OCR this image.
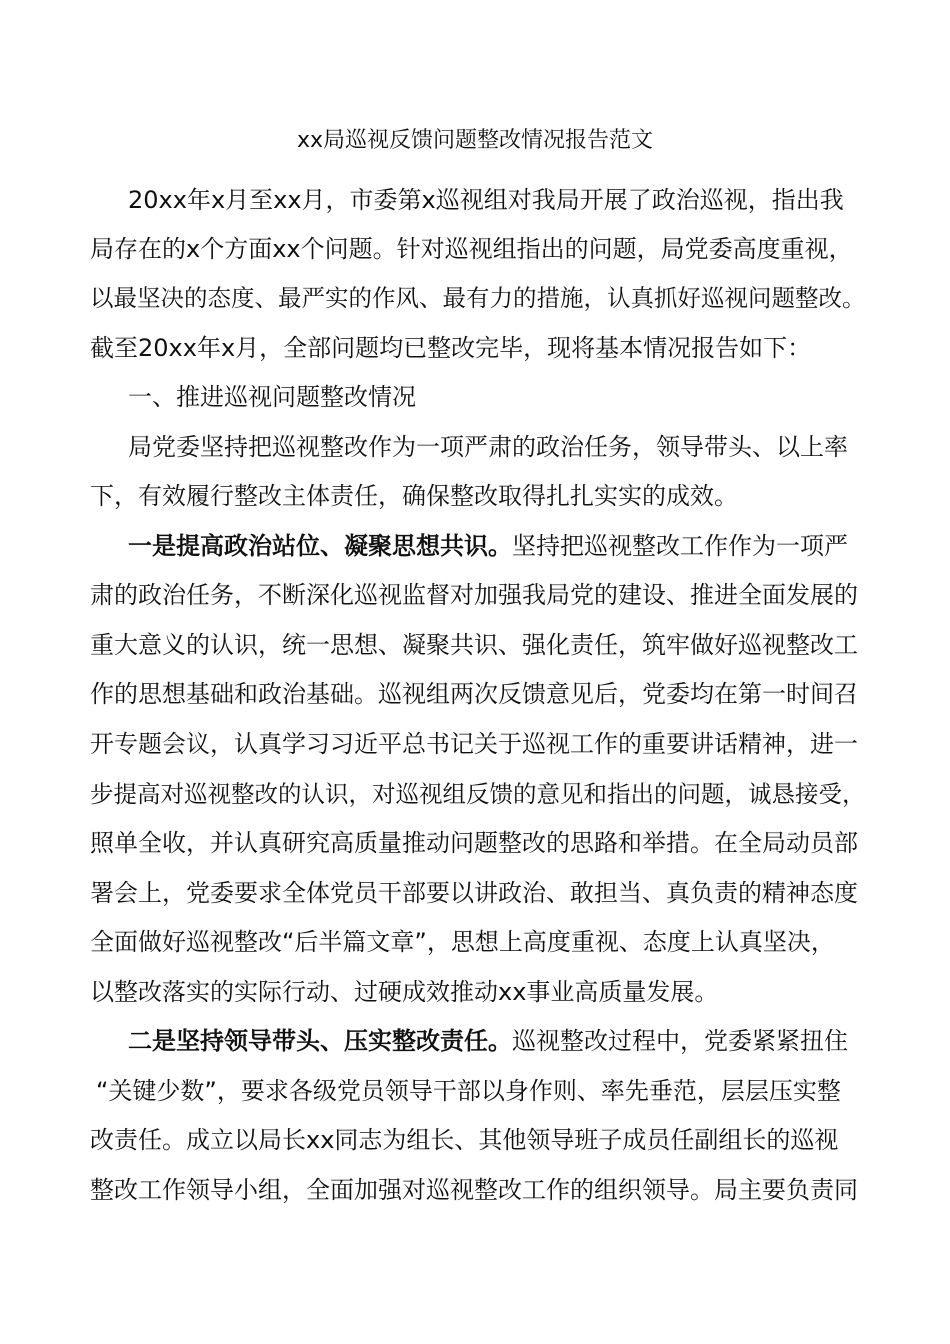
xx局巡视反馈问题整改情况报告范文
20xx年x月至xx月，市委第x巡视组对我局开展了政治巡视，指出我
局存在的x个方面xx个问题。针对巡视组指出的问题，局党委高度重视，
以最坚决的态度、最严实的作风、最有力的措施，认真抓好巡视问题整改。
截至20xx年x月，全部问题均已整改完毕，现将基本情况报告如下：
一、推进巡视问题整改情况
局党委坚持把巡视整改作为一项严肃的政治任务，领导带头、以上率
下，有效履行整改主体责任，确保整改取得扎扎实实的成效。
一是提高政治站位、凝聚思想共识。坚持把巡视整改工作作为一项严
肃的政治任务，不断深化巡视监督对加强我局党的建设、推进全面发展的
重大意义的认识，统一思想、凝聚共识、强化责任，筑牢做好巡视整改工
作的思想基础和政治基础。巡视组两次反馈意见后，党委均在第一时间召
开专题会议，认真学习习近平总书记关于巡视工作的重要讲话精神，进一
步提高对巡视整改的认识，对巡视组反馈的意见和指出的问题，诚恳接受，
照单全收，并认真研究高质量推动问题整改的思路和举措。在全局动员部
署会上，党委要求全体党员干部要以讲政治、敢担当、真负责的精神态度
全面做好巡视整改“后半篇文章”，思想上高度重视、态度上认真坚决，
以整改落实的实际行动、过硬成效推动xx事业高质量发展。
二是坚持领导带头、压实整改责任。巡视整改过程中，党委紧紧扭住
“关键少数”，要求各级党员领导干部以身作则、率先垂范，层层压实整
改责任。成立以局长xx同志为组长、其他领导班子成员任副组长的巡视
整改工作领导小组，全面加强对巡视整改工作的组织领导。局主要负责同
